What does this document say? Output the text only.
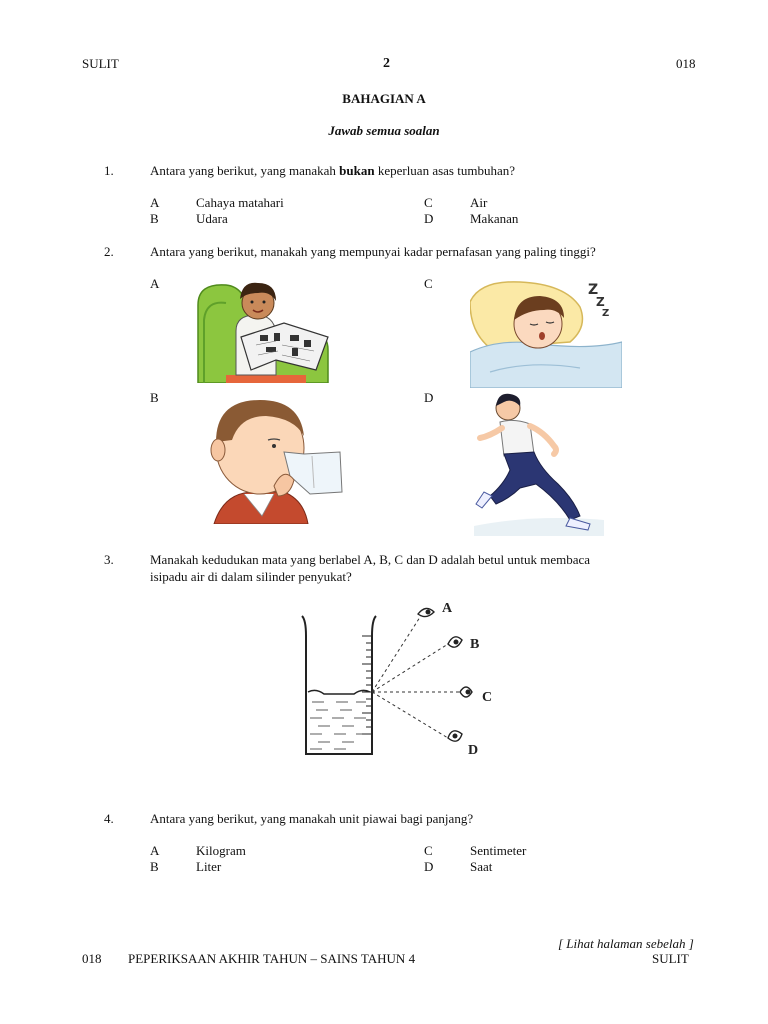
SULIT	2	018
BAHAGIAN A
Jawab semua soalan
1.	Antara yang berikut, yang manakah bukan keperluan asas tumbuhan?
A	Cahaya matahari
B	Udara
C	Air
D	Makanan
2.	Antara yang berikut, manakah yang mempunyai kadar pernafasan yang paling tinggi?
A	C
B	D
Z
Z
Z
3.	Manakah kedudukan mata yang berlabel A, B, C dan D adalah betul untuk membaca
isipadu air di dalam silinder penyukat?
A
B
C
D
4.	Antara yang berikut, yang manakah unit piawai bagi panjang?
A	Kilogram
B	Liter
C	Sentimeter
D	Saat
[ Lihat halaman sebelah ]
018 PEPERIKSAAN AKHIR TAHUN – SAINS TAHUN 4	SULIT
